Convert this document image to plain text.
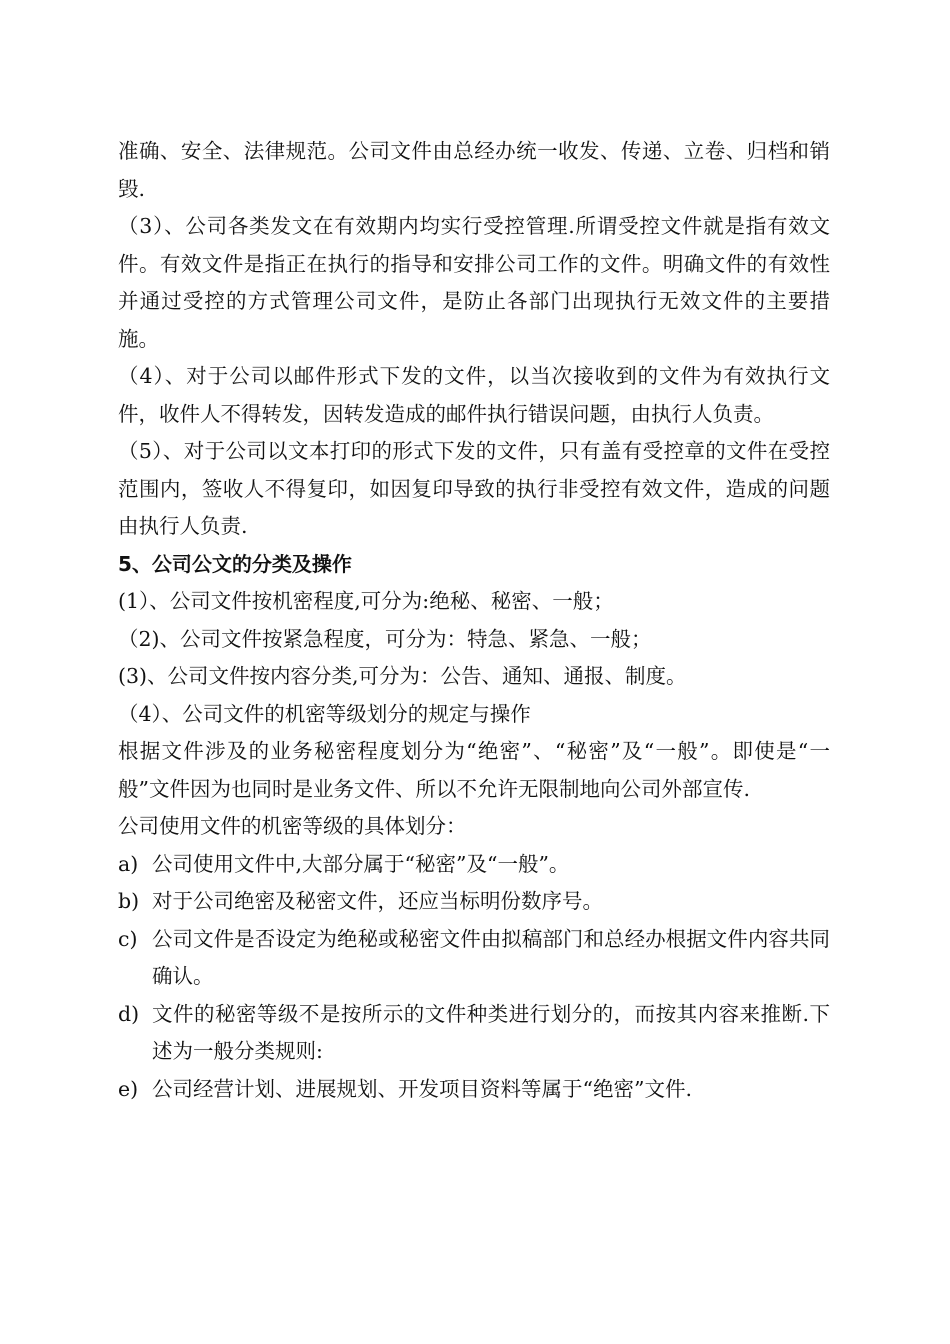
准确、安全、法律规范。公司文件由总经办统一收发、传递、立卷、归档和销毁.

（3）、公司各类发文在有效期内均实行受控管理.所谓受控文件就是指有效文件。有效文件是指正在执行的指导和安排公司工作的文件。明确文件的有效性并通过受控的方式管理公司文件，是防止各部门出现执行无效文件的主要措施。

（4）、对于公司以邮件形式下发的文件，以当次接收到的文件为有效执行文件，收件人不得转发，因转发造成的邮件执行错误问题，由执行人负责。

（5）、对于公司以文本打印的形式下发的文件，只有盖有受控章的文件在受控范围内，签收人不得复印，如因复印导致的执行非受控有效文件，造成的问题由执行人负责.

5、公司公文的分类及操作

(1）、公司文件按机密程度,可分为:绝秘、秘密、一般；

（2)、公司文件按紧急程度，可分为：特急、紧急、一般；

(3)、公司文件按内容分类,可分为：公告、通知、通报、制度。

（4）、公司文件的机密等级划分的规定与操作

根据文件涉及的业务秘密程度划分为“绝密”、“秘密”及“一般”。即使是“一般”文件因为也同时是业务文件、所以不允许无限制地向公司外部宣传.

公司使用文件的机密等级的具体划分：

a) 公司使用文件中,大部分属于“秘密”及“一般”。
b) 对于公司绝密及秘密文件，还应当标明份数序号。
c) 公司文件是否设定为绝秘或秘密文件由拟稿部门和总经办根据文件内容共同确认。
d) 文件的秘密等级不是按所示的文件种类进行划分的，而按其内容来推断.下述为一般分类规则:
e) 公司经营计划、进展规划、开发项目资料等属于“绝密”文件.
